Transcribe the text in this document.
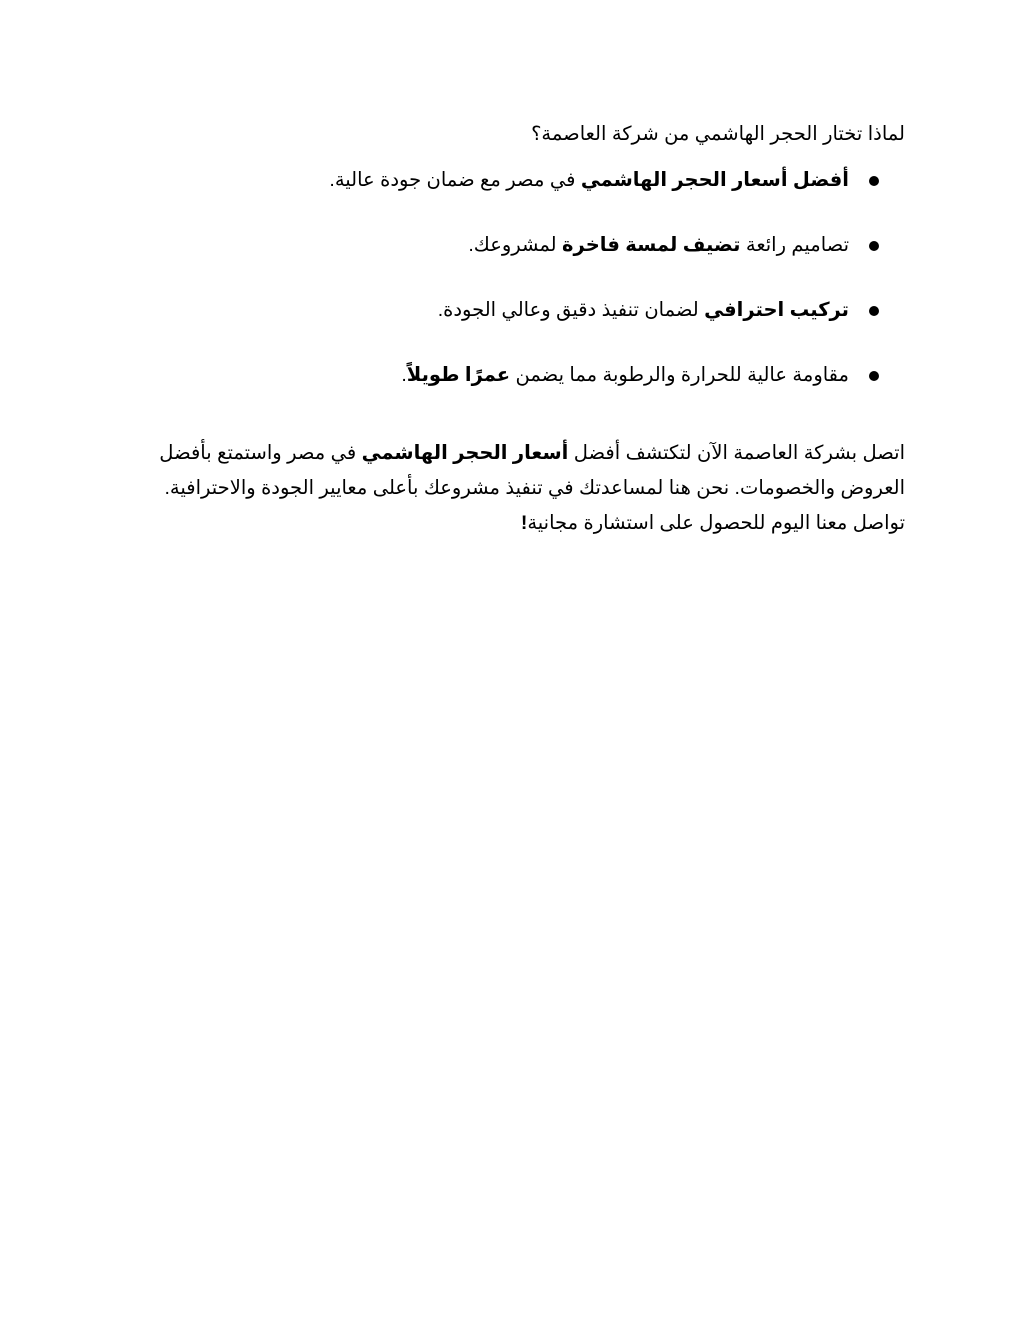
لماذا تختار الحجر الهاشمي من شركة العاصمة؟

أفضل أسعار الحجر الهاشمي في مصر مع ضمان جودة عالية.
تصاميم رائعة تضيف لمسة فاخرة لمشروعك.
تركيب احترافي لضمان تنفيذ دقيق وعالي الجودة.
مقاومة عالية للحرارة والرطوبة مما يضمن عمرًا طويلاً.
اتصل بشركة العاصمة الآن لتكتشف أفضل أسعار الحجر الهاشمي في مصر واستمتع بأفضل
العروض والخصومات. نحن هنا لمساعدتك في تنفيذ مشروعك بأعلى معايير الجودة والاحترافية.
تواصل معنا اليوم للحصول على استشارة مجانية!
